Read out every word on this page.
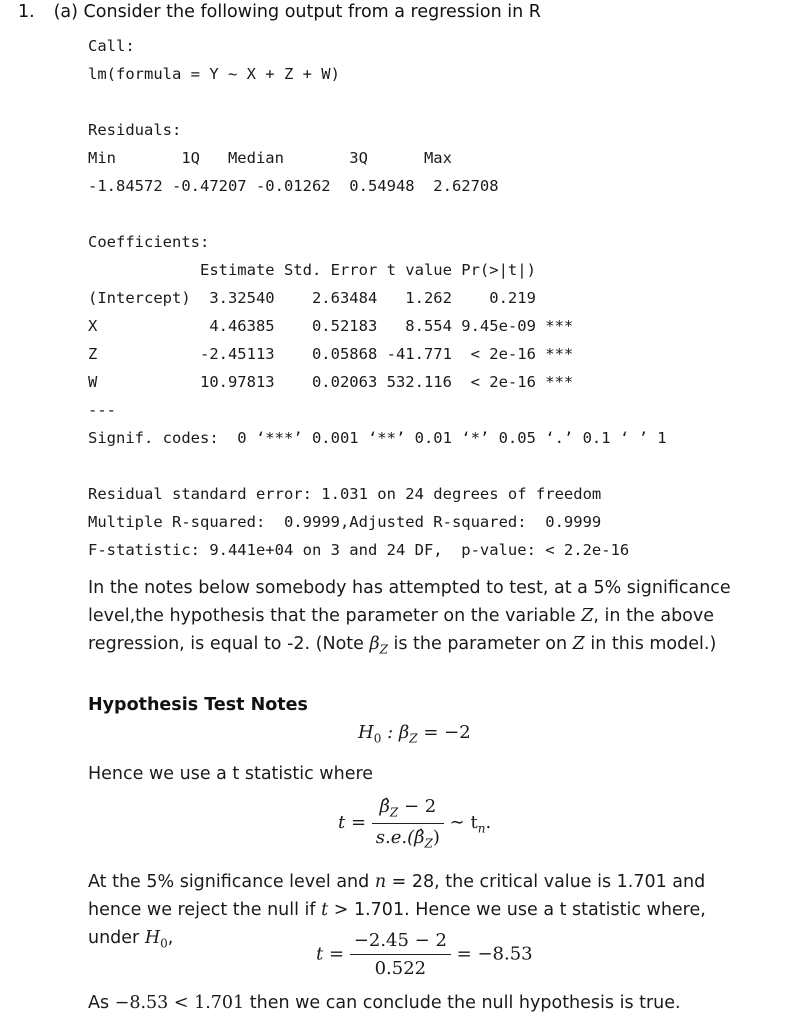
1. (a) Consider the following output from a regression in R
Call:
lm(formula = Y ~ X + Z + W)
Residuals:
Min       1Q   Median       3Q      Max
-1.84572 -0.47207 -0.01262  0.54948  2.62708
Coefficients:
Estimate Std. Error t value Pr(>|t|)
(Intercept)  3.32540    2.63484   1.262    0.219
X            4.46385    0.52183   8.554 9.45e-09 ***
Z           -2.45113    0.05868 -41.771  < 2e-16 ***
W           10.97813    0.02063 532.116  < 2e-16 ***
---
Signif. codes:  0 ‘***’ 0.001 ‘**’ 0.01 ‘*’ 0.05 ‘.’ 0.1 ‘ ’ 1
Residual standard error: 1.031 on 24 degrees of freedom
Multiple R-squared:  0.9999,Adjusted R-squared:  0.9999
F-statistic: 9.441e+04 on 3 and 24 DF,  p-value: < 2.2e-16
In the notes below somebody has attempted to test, at a 5% significance level,the hypothesis that the parameter on the variable Z, in the above regression, is equal to -2. (Note $\beta_Z$ is the parameter on Z in this model.)
Hypothesis Test Notes
$H_0$ : $\beta_Z = -2$
Hence we use a t statistic where
$t = \frac{\betâ_Z - 2}{s.e.(\betâ_Z)}$ ∼ $t_n$.
At the 5% significance level and n = 28, the critical value is 1.701 and hence we reject the null if t > 1.701. Hence we use a t statistic where, under $H_0$,
$t = \frac{-2.45 - 2}{0.522} = -8.53$
As −8.53 < 1.701 then we can conclude the null hypothesis is true.
